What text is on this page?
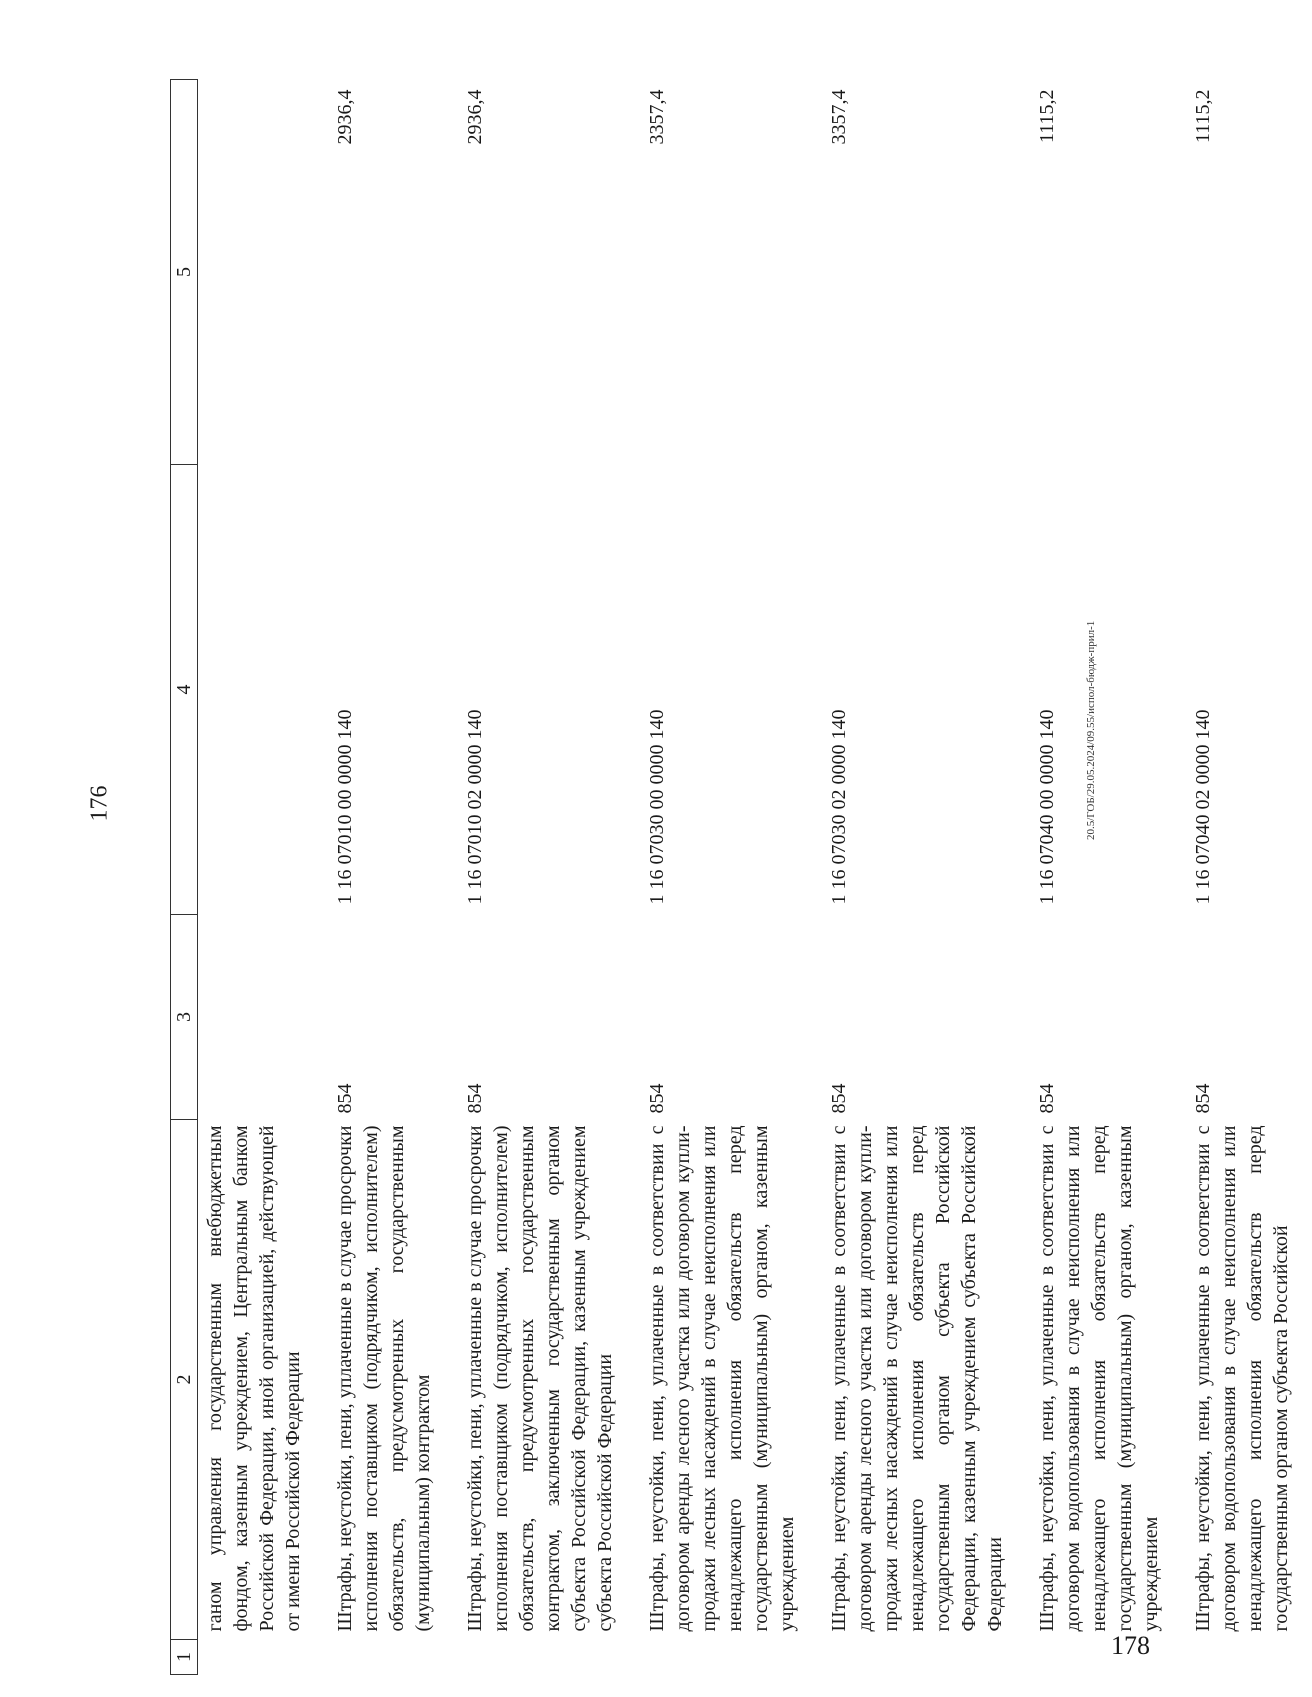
1	2	3	4	5
	ганом управления государственным внебюджетным фондом, казенным учреждением, Центральным банком Российской Федерации, иной организацией, действующей от имени Российской Федерации			
	Штрафы, неустойки, пени, уплаченные в случае просрочки исполнения поставщиком (подрядчиком, исполнителем) обязательств, предусмотренных государственным (муниципальным) контрактом	854	1 16 07010 00 0000 140	2936,4
	Штрафы, неустойки, пени, уплаченные в случае просрочки исполнения поставщиком (подрядчиком, исполнителем) обязательств, предусмотренных государственным контрактом, заключенным государственным органом субъекта Российской Федерации, казенным учреждением субъекта Российской Федерации	854	1 16 07010 02 0000 140	2936,4
	Штрафы, неустойки, пени, уплаченные в соответствии с договором аренды лесного участка или договором купли-продажи лесных насаждений в случае неисполнения или ненадлежащего исполнения обязательств перед государственным (муниципальным) органом, казенным учреждением	854	1 16 07030 00 0000 140	3357,4
	Штрафы, неустойки, пени, уплаченные в соответствии с договором аренды лесного участка или договором купли-продажи лесных насаждений в случае неисполнения или ненадлежащего исполнения обязательств перед государственным органом субъекта Российской Федерации, казенным учреждением субъекта Российской Федерации	854	1 16 07030 02 0000 140	3357,4
	Штрафы, неустойки, пени, уплаченные в соответствии с договором водопользования в случае неисполнения или ненадлежащего исполнения обязательств перед государственным (муниципальным) органом, казенным учреждением	854	1 16 07040 00 0000 140	1115,2
	Штрафы, неустойки, пени, уплаченные в соответствии с договором водопользования в случае неисполнения или ненадлежащего исполнения обязательств перед государственным органом субъекта Российской	854	1 16 07040 02 0000 140	1115,2
176	20.5/ГОБ/29.05.2024/09.55/испол-бюдж-прил-1
178
